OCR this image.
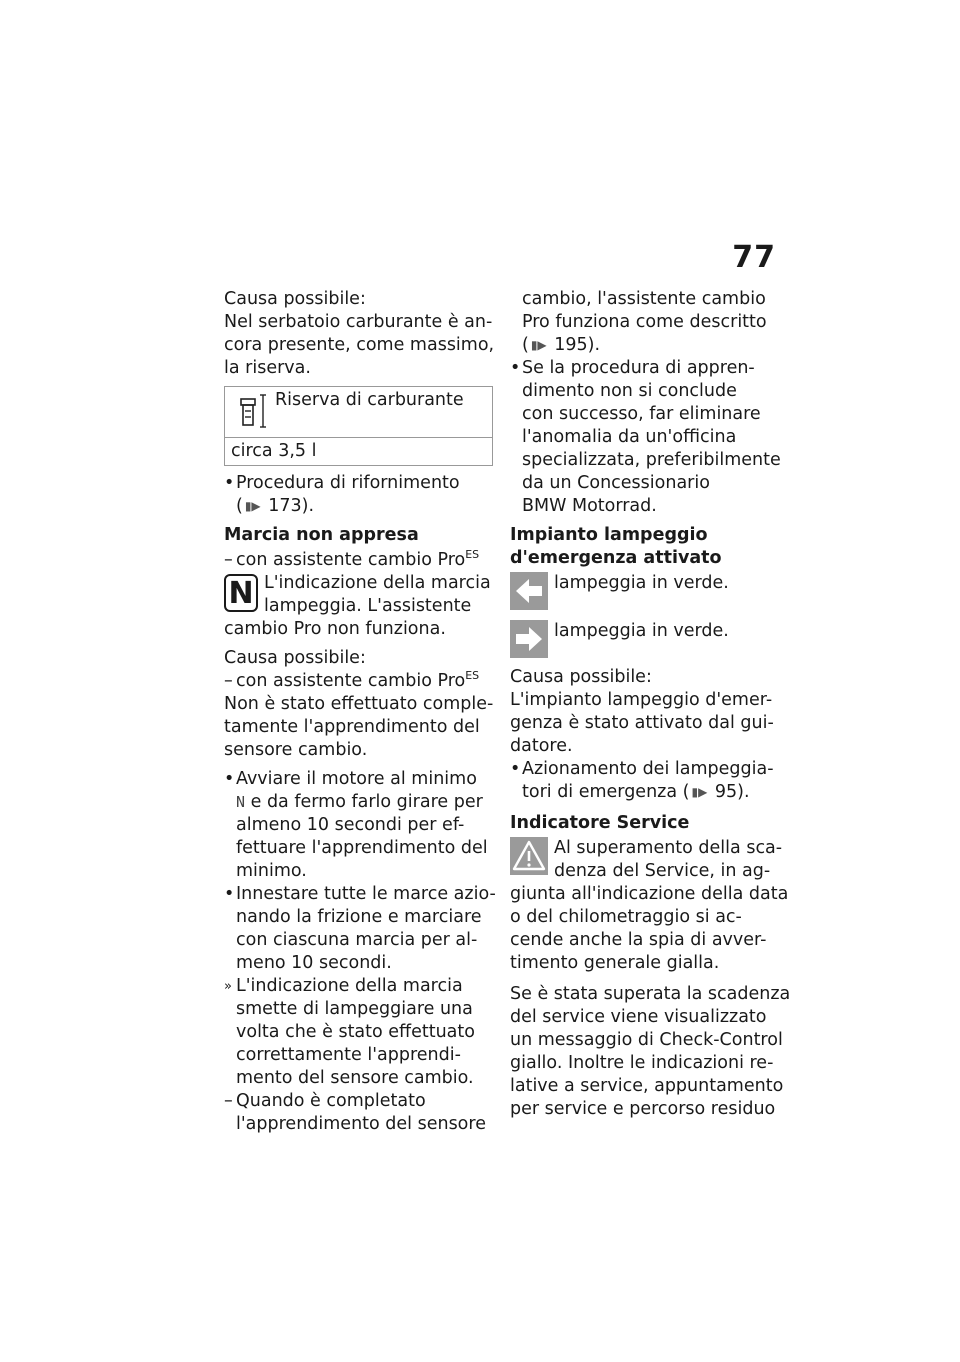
77
Causa possibile:
Nel serbatoio carburante è an-
cora presente, come massimo,
la riserva.
Riserva di carburante
circa 3,5 l
• Procedura di rifornimento
( ▮▶ 173).
Marcia non appresa
– con assistente cambio Pro$^{ES}$
N L'indicazione della marcia
lampeggia. L'assistente
cambio Pro non funziona.
Causa possibile:
– con assistente cambio Pro$^{ES}$
Non è stato effettuato comple-
tamente l'apprendimento del
sensore cambio.
• Avviare il motore al minimo
N e da fermo farlo girare per
almeno 10 secondi per ef-
fettuare l'apprendimento del
minimo.
• Innestare tutte le marce azio-
nando la frizione e marciare
con ciascuna marcia per al-
meno 10 secondi.
» L'indicazione della marcia
smette di lampeggiare una
volta che è stato effettuato
correttamente l'apprendi-
mento del sensore cambio.
– Quando è completato
l'apprendimento del sensore
cambio, l'assistente cambio
Pro funziona come descritto
( ▮▶ 195).
• Se la procedura di appren-
dimento non si conclude
con successo, far eliminare
l'anomalia da un'officina
specializzata, preferibilmente
da un Concessionario
BMW Motorrad.
Impianto lampeggio
d'emergenza attivato
lampeggia in verde.
lampeggia in verde.
Causa possibile:
L'impianto lampeggio d'emer-
genza è stato attivato dal gui-
datore.
• Azionamento dei lampeggia-
tori di emergenza ( ▮▶ 95).
Indicatore Service
Al superamento della sca-
denza del Service, in ag-
giunta all'indicazione della data
o del chilometraggio si ac-
cende anche la spia di avver-
timento generale gialla.
Se è stata superata la scadenza
del service viene visualizzato
un messaggio di Check-Control
giallo. Inoltre le indicazioni re-
lative a service, appuntamento
per service e percorso residuo
